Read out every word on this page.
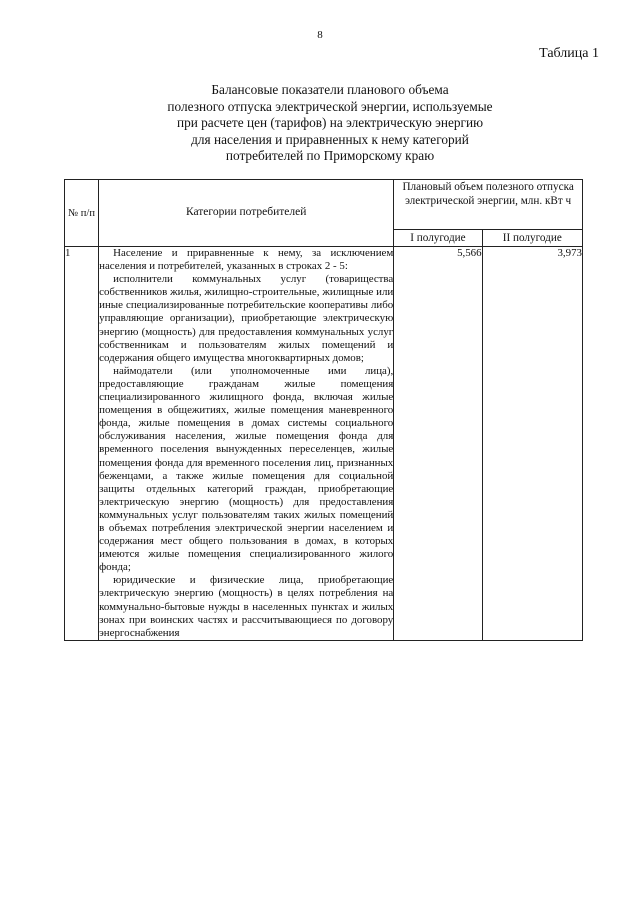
8
Таблица 1
Балансовые показатели планового объема
полезного отпуска электрической энергии, используемые
при расчете цен (тарифов) на электрическую энергию
для населения и приравненных к нему категорий
потребителей по Приморскому краю
№ п/п	Категории потребителей	Плановый объем полезного отпуска электрической энергии, млн. кВт ч	
		I полугодие	II полугодие
1	Население и приравненные к нему, за исключением населения и потребителей, указанных в строках 2 - 5:
исполнители коммунальных услуг (товарищества собственников жилья, жилищно-строительные, жилищные или иные специализированные потребительские кооперативы либо управляющие организации), приобретающие электрическую энергию (мощность) для предоставления коммунальных услуг собственникам и пользователям жилых помещений и содержания общего имущества многоквартирных домов;
наймодатели (или уполномоченные ими лица), предоставляющие гражданам жилые помещения специализированного жилищного фонда, включая жилые помещения в общежитиях, жилые помещения маневренного фонда, жилые помещения в домах системы социального обслуживания населения, жилые помещения фонда для временного поселения вынужденных переселенцев, жилые помещения фонда для временного поселения лиц, признанных беженцами, а также жилые помещения для социальной защиты отдельных категорий граждан, приобретающие электрическую энергию (мощность) для предоставления коммунальных услуг пользователям таких жилых помещений в объемах потребления электрической энергии населением и содержания мест общего пользования в домах, в которых имеются жилые помещения специализированного жилого фонда;
юридические и физические лица, приобретающие электрическую энергию (мощность) в целях потребления на коммунально-бытовые нужды в населенных пунктах и жилых зонах при воинских частях и рассчитывающиеся по договору энергоснабжения	5,566	3,973
